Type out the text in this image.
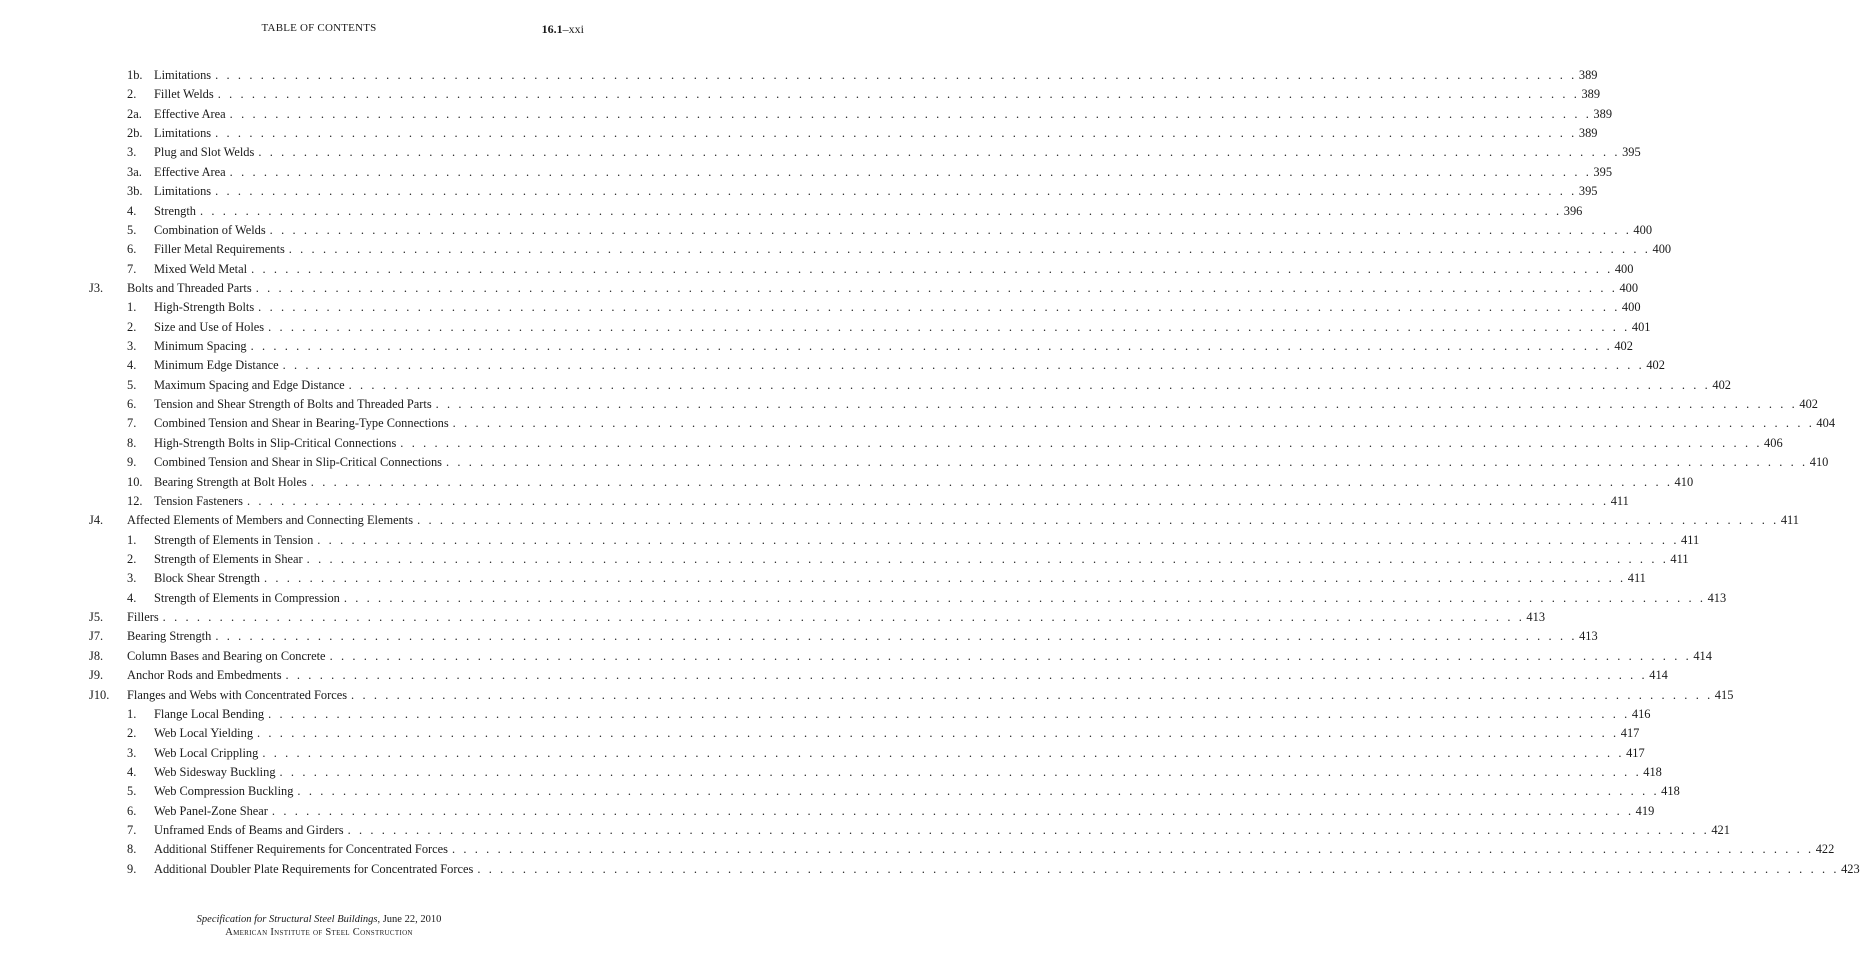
TABLE OF CONTENTS	16.1–xxi
1b. Limitations . . . . . . . . . . . . . . . . . . . . . . . . . . . . . . . . . . . . . . . . . . . . . . . . . . . . . . . . . . . . . . . . . . . . . . . . . . . . . . . . . . . . . . . . . . . . . . . . . . . . . . . . . . . . . . . . . . . . . . . . 389
2. Fillet Welds . . . . . . . . . . . . . . . . . . . . . . . . . . . . . . . . . . . . . . . . . . . . . . . . . . . . . . . . . . . . . . . . . . . . . . . . . . . . . . . . . . . . . . . . . . . . . . . . . . . . . . . . . . . . . . . . . . . . . . . . 389
2a. Effective Area . . . . . . . . . . . . . . . . . . . . . . . . . . . . . . . . . . . . . . . . . . . . . . . . . . . . . . . . . . . . . . . . . . . . . . . . . . . . . . . . . . . . . . . . . . . . . . . . . . . . . . . . . . . . . . . . . . . . . . . . 389
2b. Limitations . . . . . . . . . . . . . . . . . . . . . . . . . . . . . . . . . . . . . . . . . . . . . . . . . . . . . . . . . . . . . . . . . . . . . . . . . . . . . . . . . . . . . . . . . . . . . . . . . . . . . . . . . . . . . . . . . . . . . . . . 389
3. Plug and Slot Welds . . . . . . . . . . . . . . . . . . . . . . . . . . . . . . . . . . . . . . . . . . . . . . . . . . . . . . . . . . . . . . . . . . . . . . . . . . . . . . . . . . . . . . . . . . . . . . . . . . . . . . . . . . . . . . . . . . . . . . . . 395
3a. Effective Area . . . . . . . . . . . . . . . . . . . . . . . . . . . . . . . . . . . . . . . . . . . . . . . . . . . . . . . . . . . . . . . . . . . . . . . . . . . . . . . . . . . . . . . . . . . . . . . . . . . . . . . . . . . . . . . . . . . . . . . . 395
3b. Limitations . . . . . . . . . . . . . . . . . . . . . . . . . . . . . . . . . . . . . . . . . . . . . . . . . . . . . . . . . . . . . . . . . . . . . . . . . . . . . . . . . . . . . . . . . . . . . . . . . . . . . . . . . . . . . . . . . . . . . . . . 395
4. Strength . . . . . . . . . . . . . . . . . . . . . . . . . . . . . . . . . . . . . . . . . . . . . . . . . . . . . . . . . . . . . . . . . . . . . . . . . . . . . . . . . . . . . . . . . . . . . . . . . . . . . . . . . . . . . . . . . . . . . . . . 396
5. Combination of Welds . . . . . . . . . . . . . . . . . . . . . . . . . . . . . . . . . . . . . . . . . . . . . . . . . . . . . . . . . . . . . . . . . . . . . . . . . . . . . . . . . . . . . . . . . . . . . . . . . . . . . . . . . . . . . . . . . . . . . . . . 400
6. Filler Metal Requirements . . . . . . . . . . . . . . . . . . . . . . . . . . . . . . . . . . . . . . . . . . . . . . . . . . . . . . . . . . . . . . . . . . . . . . . . . . . . . . . . . . . . . . . . . . . . . . . . . . . . . . . . . . . . . . . . . . . . . . . . 400
7. Mixed Weld Metal . . . . . . . . . . . . . . . . . . . . . . . . . . . . . . . . . . . . . . . . . . . . . . . . . . . . . . . . . . . . . . . . . . . . . . . . . . . . . . . . . . . . . . . . . . . . . . . . . . . . . . . . . . . . . . . . . . . . . . . . 400
J3. Bolts and Threaded Parts . . . . . . . . . . . . . . . . . . . . . . . . . . . . . . . . . . . . . . . . . . . . . . . . . . . . . . . . . . . . . . . . . . . . . . . . . . . . . . . . . . . . . . . . . . . . . . . . . . . . . . . . . . . . . . . . . . . . . . . . 400
1. High-Strength Bolts . . . . . . . . . . . . . . . . . . . . . . . . . . . . . . . . . . . . . . . . . . . . . . . . . . . . . . . . . . . . . . . . . . . . . . . . . . . . . . . . . . . . . . . . . . . . . . . . . . . . . . . . . . . . . . . . . . . . . . . . 400
2. Size and Use of Holes . . . . . . . . . . . . . . . . . . . . . . . . . . . . . . . . . . . . . . . . . . . . . . . . . . . . . . . . . . . . . . . . . . . . . . . . . . . . . . . . . . . . . . . . . . . . . . . . . . . . . . . . . . . . . . . . . . . . . . . . 401
3. Minimum Spacing . . . . . . . . . . . . . . . . . . . . . . . . . . . . . . . . . . . . . . . . . . . . . . . . . . . . . . . . . . . . . . . . . . . . . . . . . . . . . . . . . . . . . . . . . . . . . . . . . . . . . . . . . . . . . . . . . . . . . . . . 402
4. Minimum Edge Distance . . . . . . . . . . . . . . . . . . . . . . . . . . . . . . . . . . . . . . . . . . . . . . . . . . . . . . . . . . . . . . . . . . . . . . . . . . . . . . . . . . . . . . . . . . . . . . . . . . . . . . . . . . . . . . . . . . . . . . . . 402
5. Maximum Spacing and Edge Distance . . . . . . . . . . . . . . . . . . . . . . . . . . . . . . . . . . . . . . . . . . . . . . . . . . . . . . . . . . . . . . . . . . . . . . . . . . . . . . . . . . . . . . . . . . . . . . . . . . . . . . . . . . . . . . . . . . . . . . . . 402
6. Tension and Shear Strength of Bolts and Threaded Parts . . . . . . . . . . . . . . . . . . . . . . . . . . . . . . . . . . . . . . . . . . . . . . . . . . . . . . . . . . . . . . . . . . . . . . . . . . . . . . . . . . . . . . . . . . . . . . . . . . . . . . . . . . . . . . . . . . . . . . . . 402
7. Combined Tension and Shear in Bearing-Type Connections . . . . . . . . . . . . . . . . . . . . . . . . . . . . . . . . . . . . . . . . . . . . . . . . . . . . . . . . . . . . . . . . . . . . . . . . . . . . . . . . . . . . . . . . . . . . . . . . . . . . . . . . . . . . . . . . . . . . . . . . 404
8. High-Strength Bolts in Slip-Critical Connections . . . . . . . . . . . . . . . . . . . . . . . . . . . . . . . . . . . . . . . . . . . . . . . . . . . . . . . . . . . . . . . . . . . . . . . . . . . . . . . . . . . . . . . . . . . . . . . . . . . . . . . . . . . . . . . . . . . . . . . . 406
9. Combined Tension and Shear in Slip-Critical Connections . . . . . . . . . . . . . . . . . . . . . . . . . . . . . . . . . . . . . . . . . . . . . . . . . . . . . . . . . . . . . . . . . . . . . . . . . . . . . . . . . . . . . . . . . . . . . . . . . . . . . . . . . . . . . . . . . . . . . . . . 410
10. Bearing Strength at Bolt Holes . . . . . . . . . . . . . . . . . . . . . . . . . . . . . . . . . . . . . . . . . . . . . . . . . . . . . . . . . . . . . . . . . . . . . . . . . . . . . . . . . . . . . . . . . . . . . . . . . . . . . . . . . . . . . . . . . . . . . . . . 410
12. Tension Fasteners . . . . . . . . . . . . . . . . . . . . . . . . . . . . . . . . . . . . . . . . . . . . . . . . . . . . . . . . . . . . . . . . . . . . . . . . . . . . . . . . . . . . . . . . . . . . . . . . . . . . . . . . . . . . . . . . . . . . . . . . 411
J4. Affected Elements of Members and Connecting Elements . . . . . . . . . . . . . . . . . . . . . . . . . . . . . . . . . . . . . . . . . . . . . . . . . . . . . . . . . . . . . . . . . . . . . . . . . . . . . . . . . . . . . . . . . . . . . . . . . . . . . . . . . . . . . . . . . . . . . . . . 411
1. Strength of Elements in Tension . . . . . . . . . . . . . . . . . . . . . . . . . . . . . . . . . . . . . . . . . . . . . . . . . . . . . . . . . . . . . . . . . . . . . . . . . . . . . . . . . . . . . . . . . . . . . . . . . . . . . . . . . . . . . . . . . . . . . . . . 411
2. Strength of Elements in Shear . . . . . . . . . . . . . . . . . . . . . . . . . . . . . . . . . . . . . . . . . . . . . . . . . . . . . . . . . . . . . . . . . . . . . . . . . . . . . . . . . . . . . . . . . . . . . . . . . . . . . . . . . . . . . . . . . . . . . . . . 411
3. Block Shear Strength . . . . . . . . . . . . . . . . . . . . . . . . . . . . . . . . . . . . . . . . . . . . . . . . . . . . . . . . . . . . . . . . . . . . . . . . . . . . . . . . . . . . . . . . . . . . . . . . . . . . . . . . . . . . . . . . . . . . . . . . 411
4. Strength of Elements in Compression . . . . . . . . . . . . . . . . . . . . . . . . . . . . . . . . . . . . . . . . . . . . . . . . . . . . . . . . . . . . . . . . . . . . . . . . . . . . . . . . . . . . . . . . . . . . . . . . . . . . . . . . . . . . . . . . . . . . . . . . 413
J5. Fillers . . . . . . . . . . . . . . . . . . . . . . . . . . . . . . . . . . . . . . . . . . . . . . . . . . . . . . . . . . . . . . . . . . . . . . . . . . . . . . . . . . . . . . . . . . . . . . . . . . . . . . . . . . . . . . . . . . . . . . . . 413
J7. Bearing Strength . . . . . . . . . . . . . . . . . . . . . . . . . . . . . . . . . . . . . . . . . . . . . . . . . . . . . . . . . . . . . . . . . . . . . . . . . . . . . . . . . . . . . . . . . . . . . . . . . . . . . . . . . . . . . . . . . . . . . . . . 413
J8. Column Bases and Bearing on Concrete . . . . . . . . . . . . . . . . . . . . . . . . . . . . . . . . . . . . . . . . . . . . . . . . . . . . . . . . . . . . . . . . . . . . . . . . . . . . . . . . . . . . . . . . . . . . . . . . . . . . . . . . . . . . . . . . . . . . . . . . 414
J9. Anchor Rods and Embedments . . . . . . . . . . . . . . . . . . . . . . . . . . . . . . . . . . . . . . . . . . . . . . . . . . . . . . . . . . . . . . . . . . . . . . . . . . . . . . . . . . . . . . . . . . . . . . . . . . . . . . . . . . . . . . . . . . . . . . . . 414
J10. Flanges and Webs with Concentrated Forces . . . . . . . . . . . . . . . . . . . . . . . . . . . . . . . . . . . . . . . . . . . . . . . . . . . . . . . . . . . . . . . . . . . . . . . . . . . . . . . . . . . . . . . . . . . . . . . . . . . . . . . . . . . . . . . . . . . . . . . . 415
1. Flange Local Bending . . . . . . . . . . . . . . . . . . . . . . . . . . . . . . . . . . . . . . . . . . . . . . . . . . . . . . . . . . . . . . . . . . . . . . . . . . . . . . . . . . . . . . . . . . . . . . . . . . . . . . . . . . . . . . . . . . . . . . . . 416
2. Web Local Yielding . . . . . . . . . . . . . . . . . . . . . . . . . . . . . . . . . . . . . . . . . . . . . . . . . . . . . . . . . . . . . . . . . . . . . . . . . . . . . . . . . . . . . . . . . . . . . . . . . . . . . . . . . . . . . . . . . . . . . . . . 417
3. Web Local Crippling . . . . . . . . . . . . . . . . . . . . . . . . . . . . . . . . . . . . . . . . . . . . . . . . . . . . . . . . . . . . . . . . . . . . . . . . . . . . . . . . . . . . . . . . . . . . . . . . . . . . . . . . . . . . . . . . . . . . . . . . 417
4. Web Sidesway Buckling . . . . . . . . . . . . . . . . . . . . . . . . . . . . . . . . . . . . . . . . . . . . . . . . . . . . . . . . . . . . . . . . . . . . . . . . . . . . . . . . . . . . . . . . . . . . . . . . . . . . . . . . . . . . . . . . . . . . . . . . 418
5. Web Compression Buckling . . . . . . . . . . . . . . . . . . . . . . . . . . . . . . . . . . . . . . . . . . . . . . . . . . . . . . . . . . . . . . . . . . . . . . . . . . . . . . . . . . . . . . . . . . . . . . . . . . . . . . . . . . . . . . . . . . . . . . . . 418
6. Web Panel-Zone Shear . . . . . . . . . . . . . . . . . . . . . . . . . . . . . . . . . . . . . . . . . . . . . . . . . . . . . . . . . . . . . . . . . . . . . . . . . . . . . . . . . . . . . . . . . . . . . . . . . . . . . . . . . . . . . . . . . . . . . . . . 419
7. Unframed Ends of Beams and Girders . . . . . . . . . . . . . . . . . . . . . . . . . . . . . . . . . . . . . . . . . . . . . . . . . . . . . . . . . . . . . . . . . . . . . . . . . . . . . . . . . . . . . . . . . . . . . . . . . . . . . . . . . . . . . . . . . . . . . . . . 421
8. Additional Stiffener Requirements for Concentrated Forces . . . . . . . . . . . . . . . . . . . . . . . . . . . . . . . . . . . . . . . . . . . . . . . . . . . . . . . . . . . . . . . . . . . . . . . . . . . . . . . . . . . . . . . . . . . . . . . . . . . . . . . . . . . . . . . . . . . . . . . . 422
9. Additional Doubler Plate Requirements for Concentrated Forces . . . . . . . . . . . . . . . . . . . . . . . . . . . . . . . . . . . . . . . . . . . . . . . . . . . . . . . . . . . . . . . . . . . . . . . . . . . . . . . . . . . . . . . . . . . . . . . . . . . . . . . . . . . . . . . . . . . . . . . . 423
Specification for Structural Steel Buildings, June 22, 2010
American Institute of Steel Construction
